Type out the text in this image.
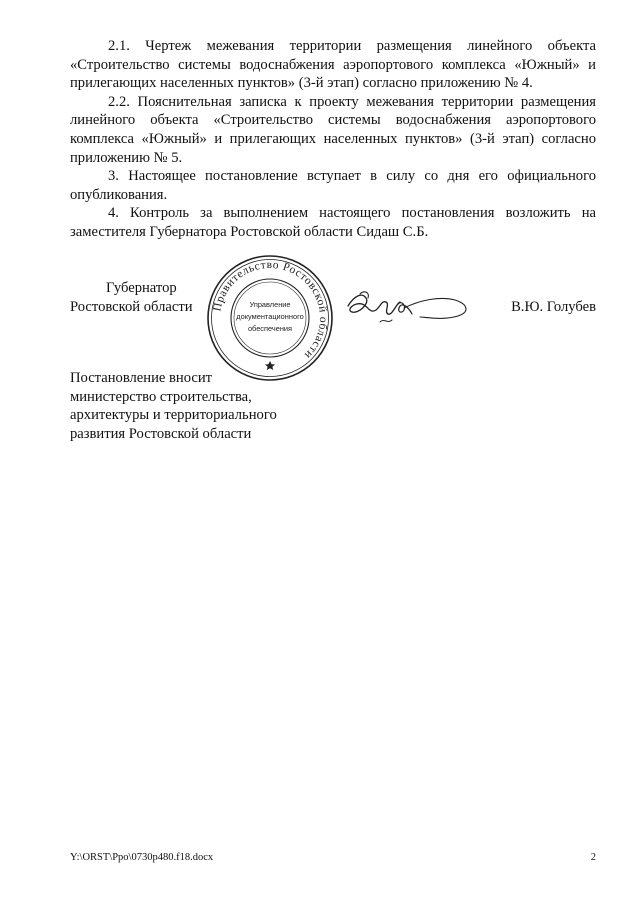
2.1. Чертеж межевания территории размещения линейного объекта «Строительство системы водоснабжения аэропортового комплекса «Южный» и прилегающих населенных пунктов» (3-й этап) согласно приложению № 4.

2.2. Пояснительная записка к проекту межевания территории размещения линейного объекта «Строительство системы водоснабжения аэропортового комплекса «Южный» и прилегающих населенных пунктов» (3-й этап) согласно приложению № 5.

3. Настоящее постановление вступает в силу со дня его официального опубликования.

4. Контроль за выполнением настоящего постановления возложить на заместителя Губернатора Ростовской области Сидаш С.Б.

Губернатор
Ростовской области Правительство Ростовской области
Управление
документационного
обеспечения
В.Ю. Голубев
Постановление вносит
министерство строительства,
архитектуры и территориального
развития Ростовской области
Y:\ORST\Ppo\0730p480.f18.docx	2
